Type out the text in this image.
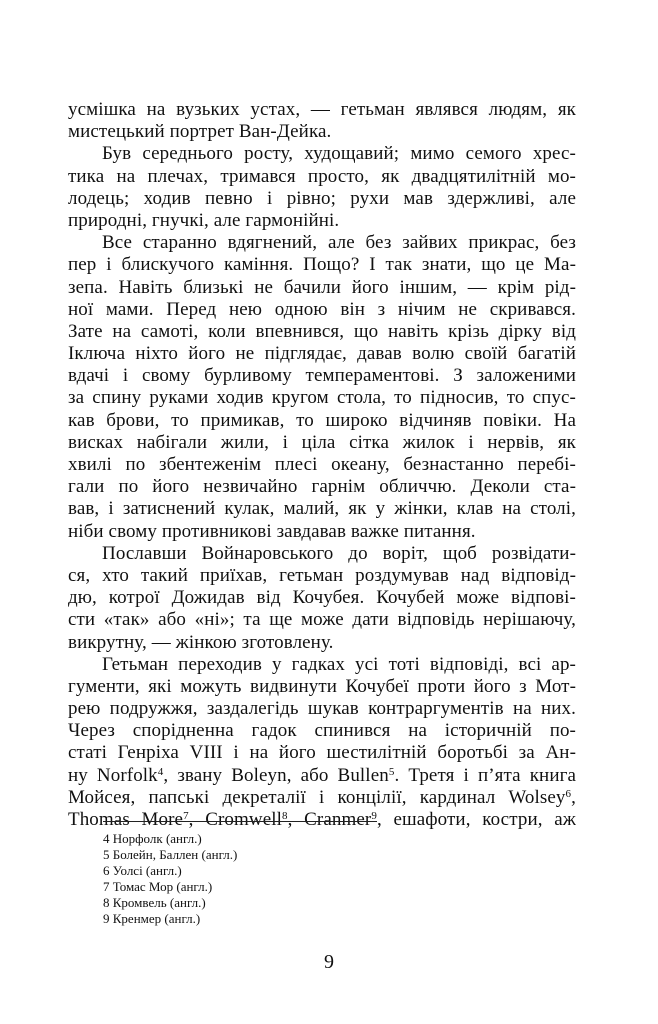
усмішка на вузьких устах, — гетьман являвся людям, як
мистецький портрет Ван-Дейка.
Був середнього росту, худощавий; мимо семого хрес-
тика на плечах, тримався просто, як двадцятилітній мо-
лодець; ходив певно і рівно; рухи мав здержливі, але
природні, гнучкі, але гармонійні.
Все старанно вдягнений, але без зайвих прикрас, без
пер і блискучого каміння. Пощо? І так знати, що це Ма-
зепа. Навіть близькі не бачили його іншим, — крім рід-
ної мами. Перед нею одною він з нічим не скривався.
Зате на самоті, коли впевнився, що навіть крізь дірку від
Іключа ніхто його не підглядає, давав волю своїй багатій
вдачі і свому бурливому темпераментові. З заложеними
за спину руками ходив кругом стола, то підносив, то спус-
кав брови, то примикав, то широко відчиняв повіки. На
висках набігали жили, і ціла сітка жилок і нервів, як
хвилі по збентеженім плесі океану, безнастанно перебі-
гали по його незвичайно гарнім обличчю. Деколи ста-
вав, і затиснений кулак, малий, як у жінки, клав на столі,
ніби свому противникові завдавав важке питання.
Пославши Войнаровського до воріт, щоб розвідати-
ся, хто такий приїхав, гетьман роздумував над відповід-
дю, котрої Дожидав від Кочубея. Кочубей може відпові-
сти «так» або «ні»; та ще може дати відповідь нерішаючу,
викрутну, — жінкою зготовлену.
Гетьман переходив у гадках усі тоті відповіді, всі ар-
гументи, які можуть видвинути Кочубеї проти його з Мот-
рею подружжя, заздалегідь шукав контраргументів на них.
Через спорідненна гадок спинився на історичній по-
статі Генріха VIII і на його шестилітній боротьбі за Ан-
ну Norfolk$^4$, звану Boleyn, або Bullen$^5$. Третя і п’ята книга
Мойсея, папські декреталії і концілії, кардинал Wolsey$^6$,
Thomas More$^7$, Cromwell$^8$, Cranmer$^9$, ешафоти, костри, аж
4 Норфолк (англ.)
5 Болейн, Баллен (англ.)
6 Уолсі (англ.)
7 Томас Мор (англ.)
8 Кромвель (англ.)
9 Кренмер (англ.)
9
